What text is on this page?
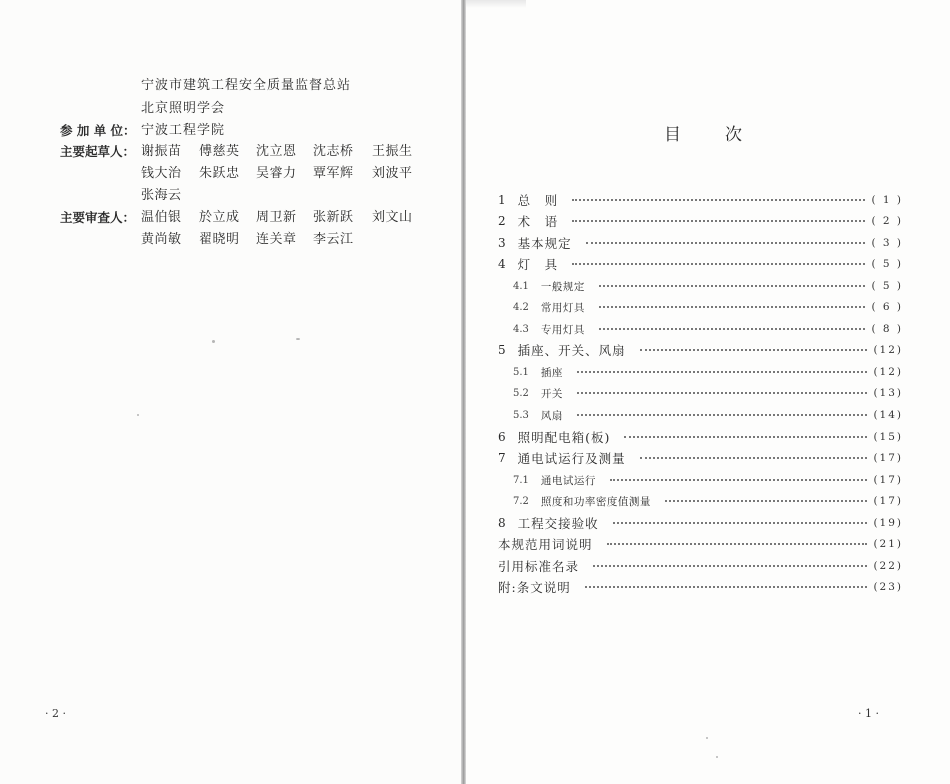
宁波市建筑工程安全质量监督总站
北京照明学会
参 加 单 位： 宁波工程学院
主要起草人： 谢振苗 傅慈英 沈立恩 沈志桥 王振生
钱大治 朱跃忠 吴睿力 覃军辉 刘波平
张海云
主要审查人： 温伯银 於立成 周卫新 张新跃 刘文山
黄尚敏 翟晓明 连关章 李云江
· 2 ·
目 次
1 总　则	( 1 )
2 术　语	( 2 )
3 基本规定	( 3 )
4 灯　具	( 5 )
4.1 一般规定	( 5 )
4.2 常用灯具	( 6 )
4.3 专用灯具	( 8 )
5 插座、开关、风扇	(12)
5.1 插座	(12)
5.2 开关	(13)
5.3 风扇	(14)
6 照明配电箱(板)	(15)
7 通电试运行及测量	(17)
7.1 通电试运行	(17)
7.2 照度和功率密度值测量	(17)
8 工程交接验收	(19)
本规范用词说明	(21)
引用标准名录	(22)
附:条文说明	(23)
· 1 ·
